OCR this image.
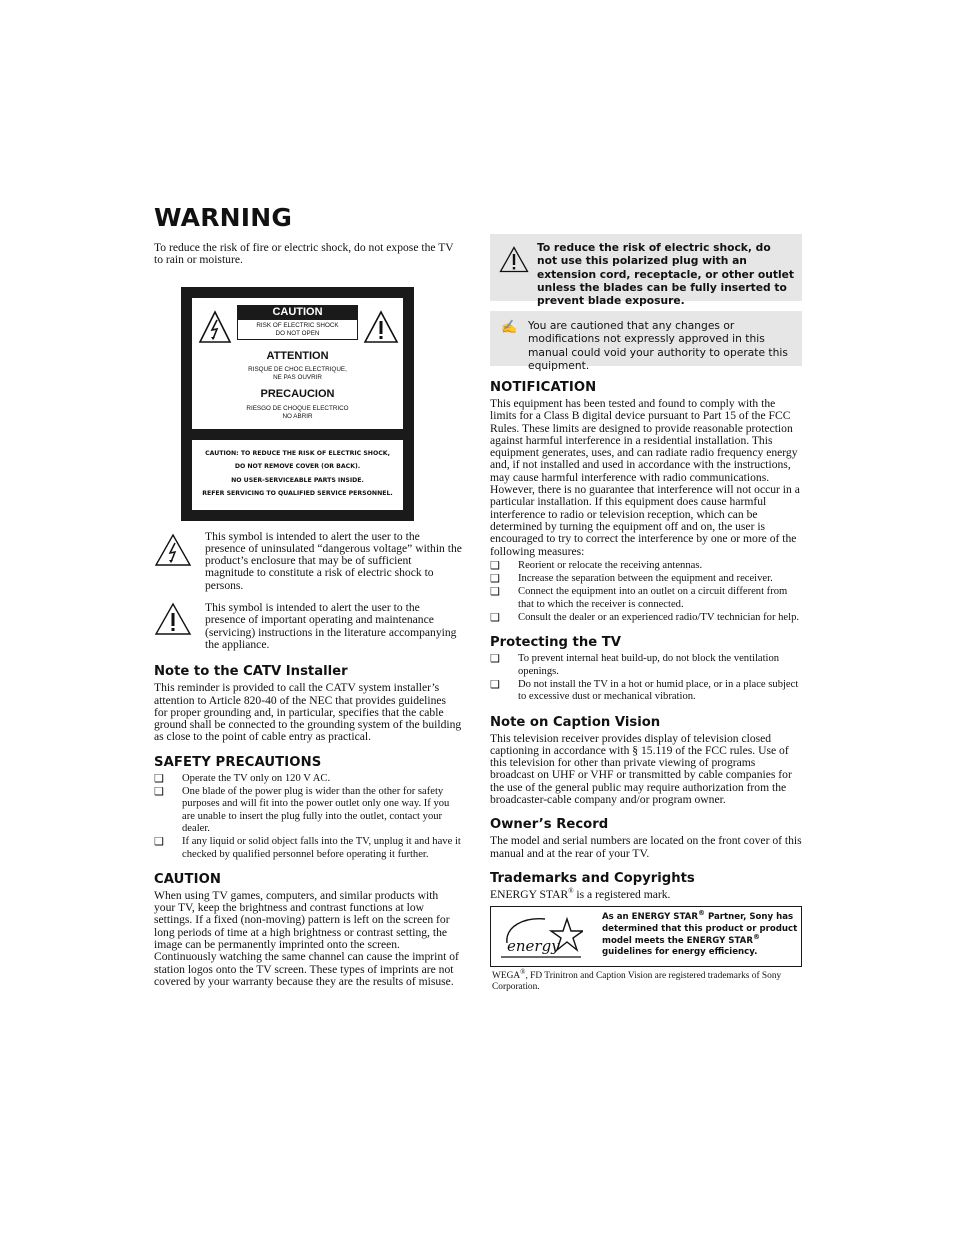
WARNING

To reduce the risk of fire or electric shock, do not expose the TV to rain or moisture.

CAUTION
RISK OF ELECTRIC SHOCK
DO NOT OPEN
ATTENTION
RISQUE DE CHOC ELECTRIQUE,
NE PAS OUVRIR
PRECAUCION
RIESGO DE CHOQUE ELECTRICO
NO ABRIR
CAUTION: TO REDUCE THE RISK OF ELECTRIC SHOCK,
DO NOT REMOVE COVER (OR BACK).
NO USER-SERVICEABLE PARTS INSIDE.
REFER SERVICING TO QUALIFIED SERVICE PERSONNEL.

This symbol is intended to alert the user to the presence of uninsulated “dangerous voltage” within the product’s enclosure that may be of sufficient magnitude to constitute a risk of electric shock to persons.

This symbol is intended to alert the user to the presence of important operating and maintenance (servicing) instructions in the literature accompanying the appliance.

Note to the CATV Installer

This reminder is provided to call the CATV system installer’s attention to Article 820-40 of the NEC that provides guidelines for proper grounding and, in particular, specifies that the cable ground shall be connected to the grounding system of the building as close to the point of cable entry as practical.

SAFETY PRECAUTIONS
❑ Operate the TV only on 120 V AC.
❑ One blade of the power plug is wider than the other for safety purposes and will fit into the power outlet only one way. If you are unable to insert the plug fully into the outlet, contact your dealer.
❑ If any liquid or solid object falls into the TV, unplug it and have it checked by qualified personnel before operating it further.
CAUTION

When using TV games, computers, and similar products with your TV, keep the brightness and contrast functions at low settings. If a fixed (non-moving) pattern is left on the screen for long periods of time at a high brightness or contrast setting, the image can be permanently imprinted onto the screen. Continuously watching the same channel can cause the imprint of station logos onto the TV screen. These types of imprints are not covered by your warranty because they are the results of misuse.

To reduce the risk of electric shock, do not use this polarized plug with an extension cord, receptacle, or other outlet unless the blades can be fully inserted to prevent blade exposure.

✍ You are cautioned that any changes or modifications not expressly approved in this manual could void your authority to operate this equipment.

NOTIFICATION

This equipment has been tested and found to comply with the limits for a Class B digital device pursuant to Part 15 of the FCC Rules. These limits are designed to provide reasonable protection against harmful interference in a residential installation. This equipment generates, uses, and can radiate radio frequency energy and, if not installed and used in accordance with the instructions, may cause harmful interference with radio communications. However, there is no guarantee that interference will not occur in a particular installation. If this equipment does cause harmful interference to radio or television reception, which can be determined by turning the equipment off and on, the user is encouraged to try to correct the interference by one or more of the following measures:

❑ Reorient or relocate the receiving antennas.
❑ Increase the separation between the equipment and receiver.
❑ Connect the equipment into an outlet on a circuit different from that to which the receiver is connected.
❑ Consult the dealer or an experienced radio/TV technician for help.
Protecting the TV
❑ To prevent internal heat build-up, do not block the ventilation openings.
❑ Do not install the TV in a hot or humid place, or in a place subject to excessive dust or mechanical vibration.
Note on Caption Vision

This television receiver provides display of television closed captioning in accordance with § 15.119 of the FCC rules. Use of this television for other than private viewing of programs broadcast on UHF or VHF or transmitted by cable companies for the use of the general public may require authorization from the broadcaster-cable company and/or program owner.

Owner’s Record

The model and serial numbers are located on the front cover of this manual and at the rear of your TV.

Trademarks and Copyrights

ENERGY STAR® is a registered mark.

energy

As an ENERGY STAR® Partner, Sony has determined that this product or product model meets the ENERGY STAR® guidelines for energy efficiency.

WEGA®, FD Trinitron and Caption Vision are registered trademarks of Sony Corporation.
